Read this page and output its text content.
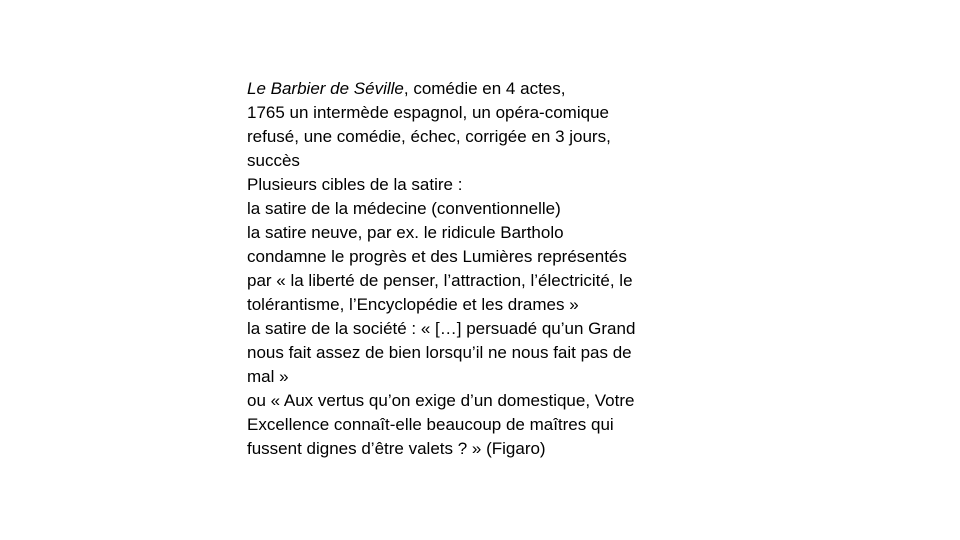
Le Barbier de Séville, comédie en 4 actes,
1765 un intermède espagnol, un opéra-comique
refusé, une comédie, échec, corrigée en 3 jours,
succès
Plusieurs cibles de la satire :
la satire de la médecine (conventionnelle)
la satire neuve, par ex. le ridicule Bartholo
condamne le progrès et des Lumières représentés
par « la liberté de penser, l’attraction, l’électricité, le
tolérantisme, l’Encyclopédie et les drames »
la satire de la société : « […] persuadé qu’un Grand
nous fait assez de bien lorsqu’il ne nous fait pas de
mal »
ou « Aux vertus qu’on exige d’un domestique, Votre
Excellence connaît-elle beaucoup de maîtres qui
fussent dignes d’être valets ? » (Figaro)
